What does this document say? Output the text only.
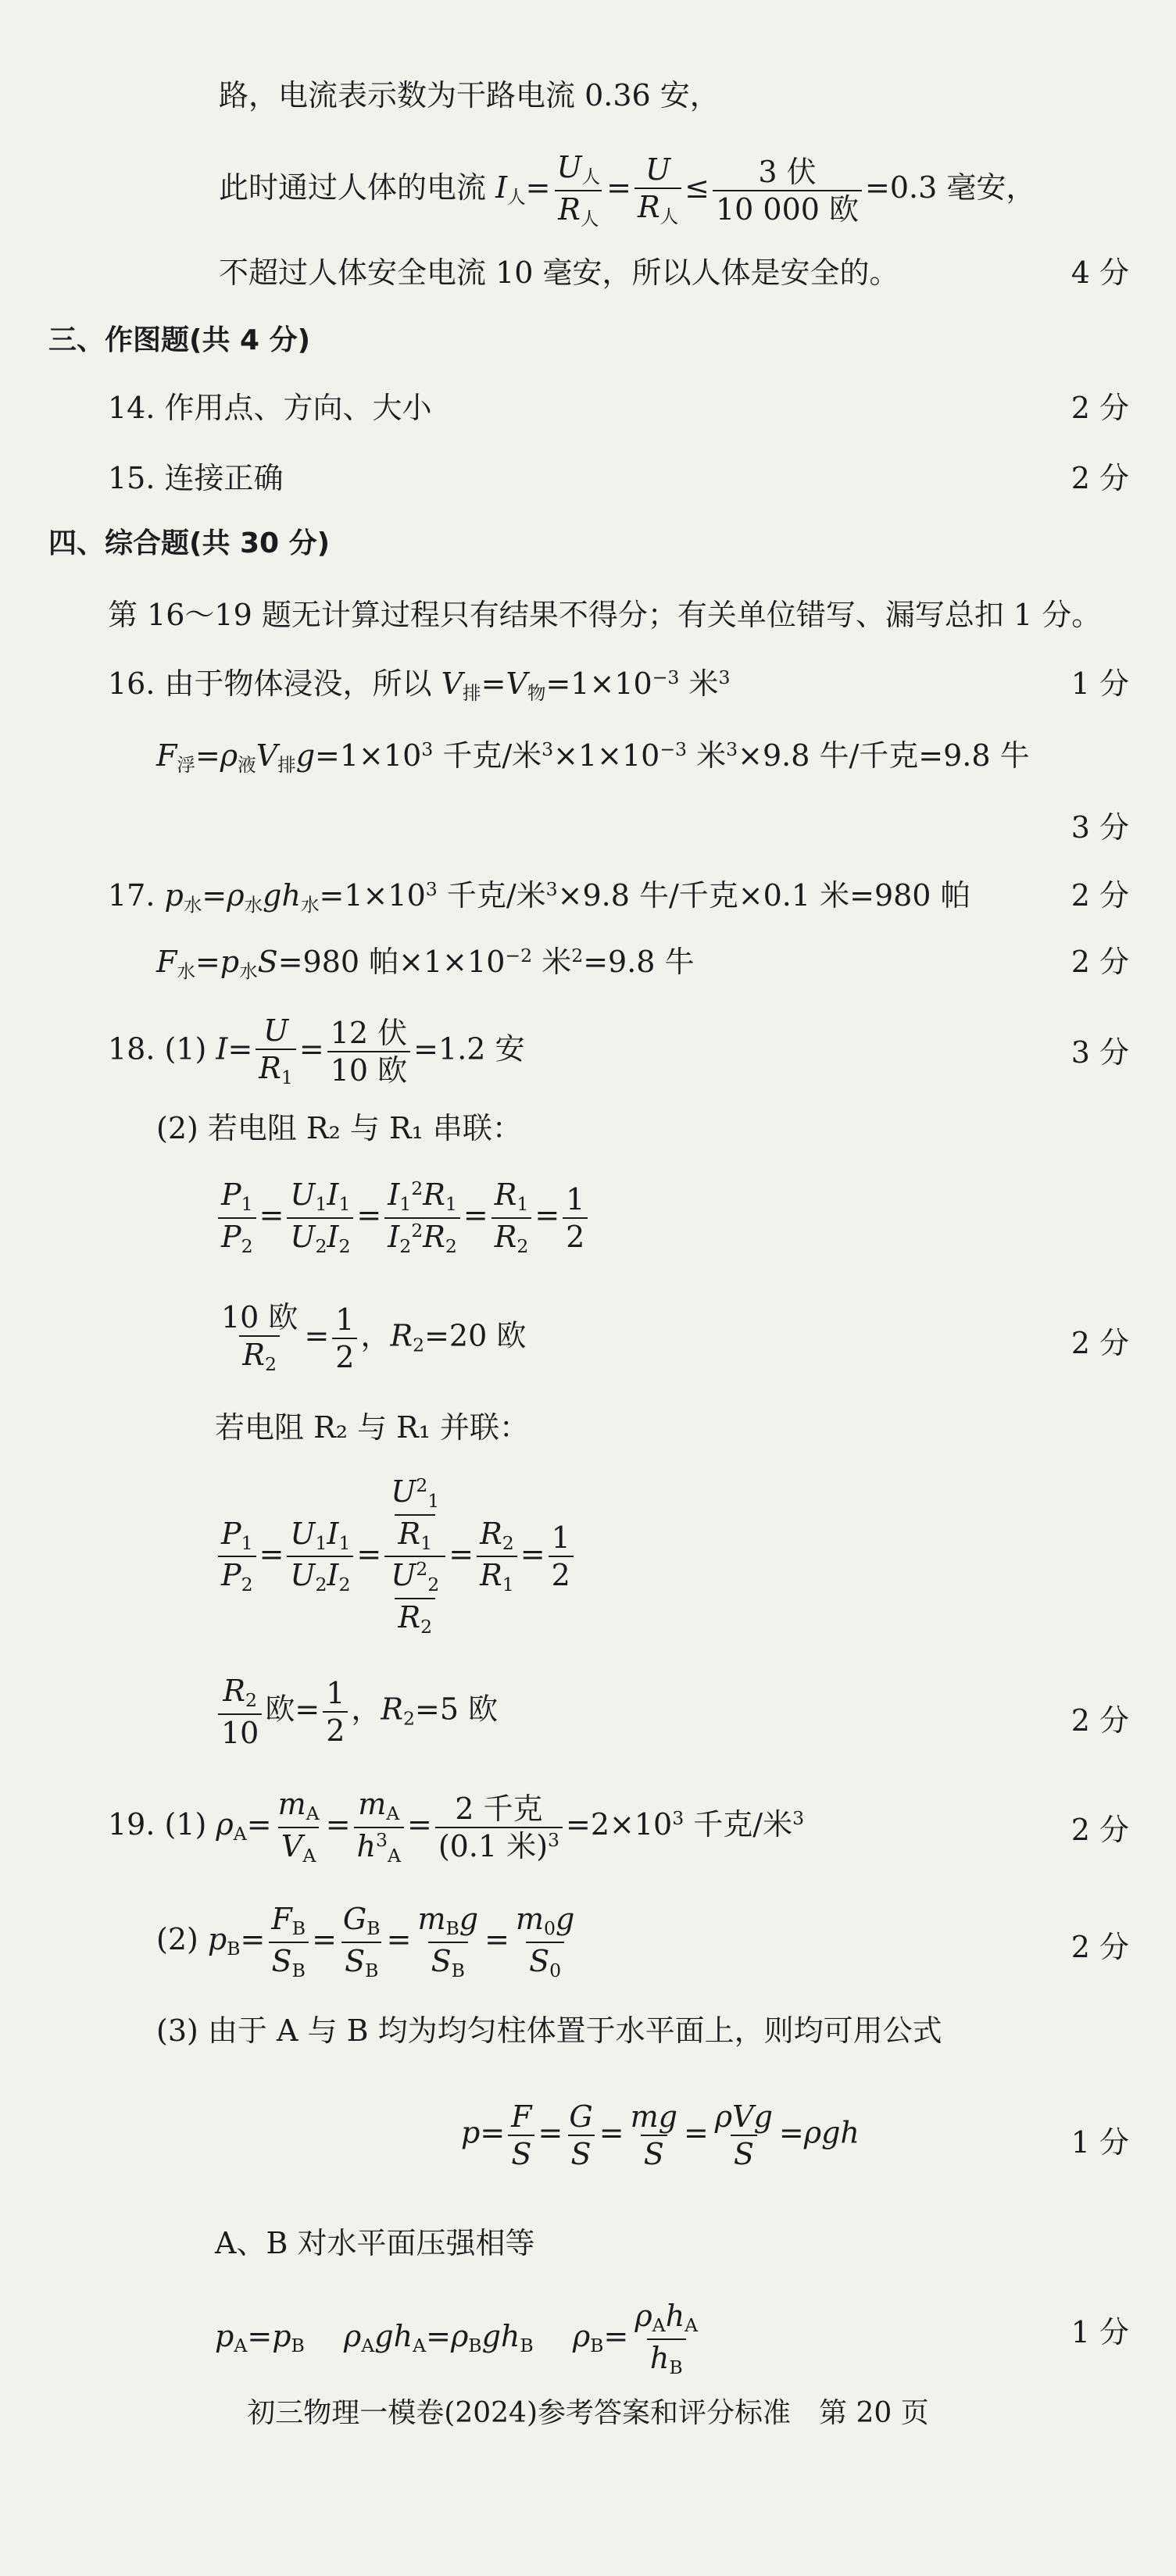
路，电流表示数为干路电流 0.36 安，
此时通过人体的电流 $I_人=$
$U_人$
$R_人$
=
U
$R_人$
≤ 3 伏
10 000 欧
=0.3 毫安，
不超过人体安全电流 10 毫安，所以人体是安全的。	4 分
三、作图题(共 4 分)
14. 作用点、方向、大小	2 分
15. 连接正确	2 分
四、综合题(共 30 分)
第 16～19 题无计算过程只有结果不得分；有关单位错写、漏写总扣 1 分。
16. 由于物体浸没，所以 $V_排=V_物=1\times 10^{-3}$ 米$^3$	1 分
$F_浮=\rho_液V_排g=1\times 10^3$ 千克/米$^3\times 1\times 10^{-3}$ 米$^3$×9.8 牛/千克=9.8 牛
3 分
17. $p_水=\rho_水gh_水=1\times 10^3$ 千克/米$^3$×9.8 牛/千克×0.1 米=980 帕	2 分
$F_水=p_水S=980$ 帕$\times 1\times 10^{-2}$ 米$^2$=9.8 牛	2 分
18. (1) $I= \frac{U}{R_1} = 12$ 伏
10 欧
=1.2 安	3 分
(2) 若电阻 R₂ 与 R₁ 串联：
$\frac{P_1}{P_2} = \frac{U_1I_1}{U_2I_2} = \frac{I_1^2R_1}{I_2^2R_2} = \frac{R_1}{R_2} = \frac{1}{2}$
10 欧
$R_2$
= $\frac{1}{2}$ ，$R_2=20$ 欧	2 分
若电阻 R₂ 与 R₁ 并联：
$\frac{P_1}{P_2} = \frac{U_1I_1}{U_2I_2} = \frac{\frac{U^2_1}{R_1}}{\frac{U^2_2}{R_2}} = \frac{R_2}{R_1} = \frac{1}{2}$
$\frac{R_2}{10}$ 欧= $\frac{1}{2}$ ，$R_2=5$ 欧	2 分
19. (1) $\rho_A= \frac{m_A}{V_A} = \frac{m_A}{h^3_A} = 2$ 千克
(0.1 米)$^3 =2\times 10^3$ 千克/米$^3$	2 分
(2) $p_B= \frac{F_B}{S_B} = \frac{G_B}{S_B}$ =
$m_Bg$
$S_B$
= $\frac{m_0g}{S_0}$	2 分
(3) 由于 A 与 B 均为均匀柱体置于水平面上，则均可用公式
$p= \frac{F}{S} = \frac{G}{S} = \frac{mg}{S} = \rho Vg$
S
=ρgh	1 分
A、B 对水平面压强相等
$p_A=p_B$　 $\rho_Agh_A=\rho_Bgh_B$　 $\rho_B=$
$\rho_Ah_A$
$h_B$
1 分
初三物理一模卷(2024)参考答案和评分标准　第 20 页
